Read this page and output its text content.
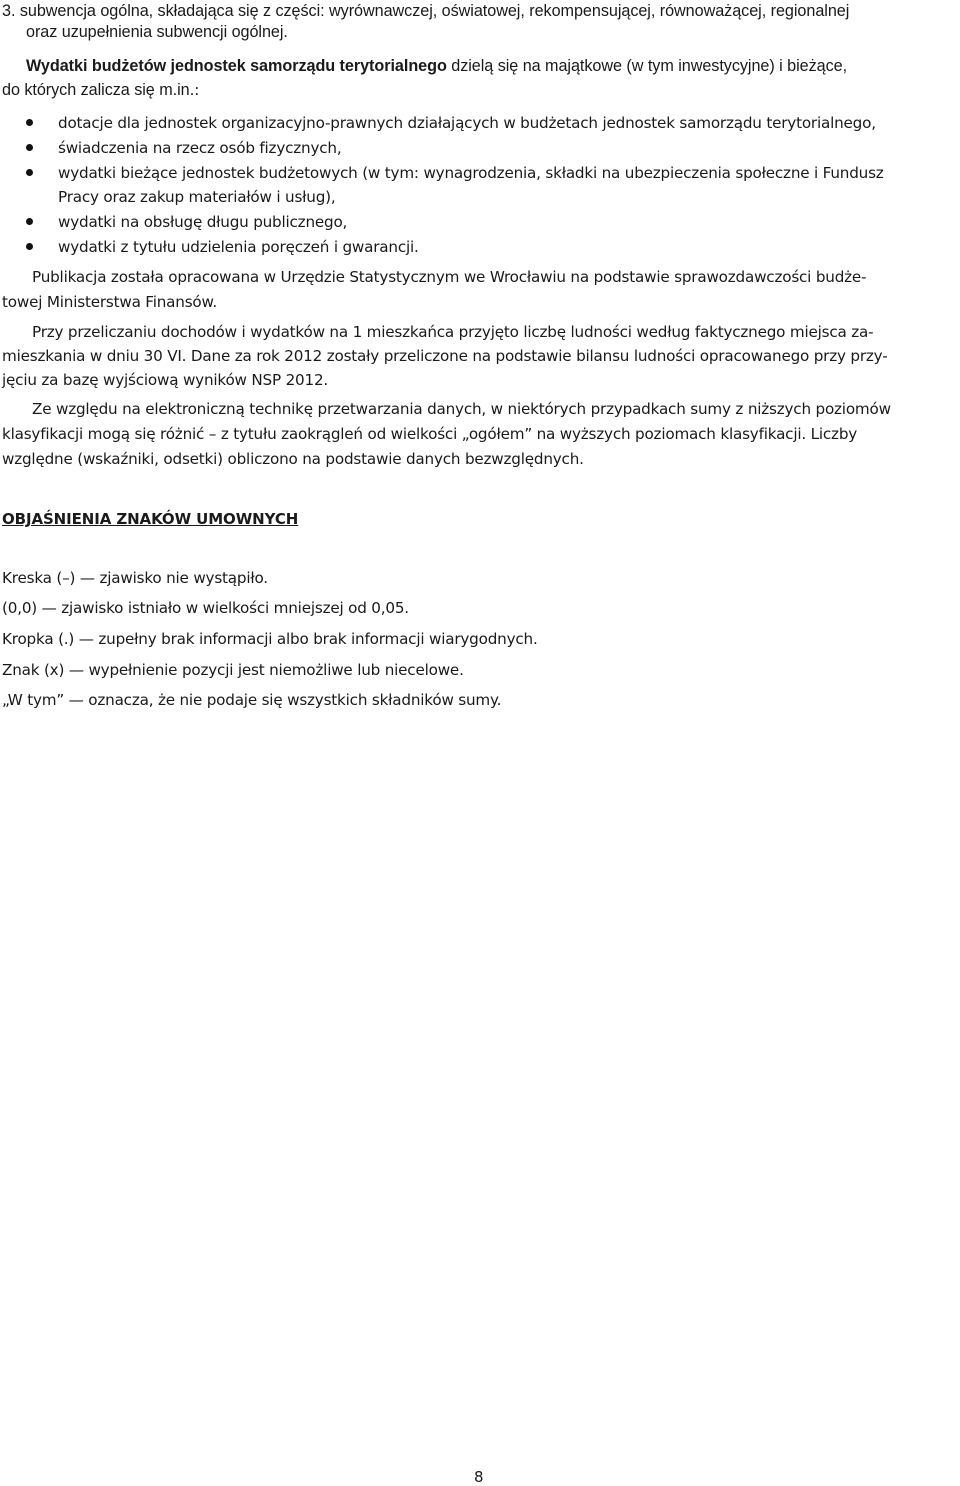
3. subwencja ogólna, składająca się z części: wyrównawczej, oświatowej, rekompensującej, równoważącej, regionalnej
oraz uzupełnienia subwencji ogólnej.
Wydatki budżetów jednostek samorządu terytorialnego dzielą się na majątkowe (w tym inwestycyjne) i bieżące,
do których zalicza się m.in.:
dotacje dla jednostek organizacyjno-prawnych działających w budżetach jednostek samorządu terytorialnego,
świadczenia na rzecz osób fizycznych,
wydatki bieżące jednostek budżetowych (w tym: wynagrodzenia, składki na ubezpieczenia społeczne i Fundusz
Pracy oraz zakup materiałów i usług),
wydatki na obsługę długu publicznego,
wydatki z tytułu udzielenia poręczeń i gwarancji.
Publikacja została opracowana w Urzędzie Statystycznym we Wrocławiu na podstawie sprawozdawczości budże-
towej Ministerstwa Finansów.
Przy przeliczaniu dochodów i wydatków na 1 mieszkańca przyjęto liczbę ludności według faktycznego miejsca za-
mieszkania w dniu 30 VI. Dane za rok 2012 zostały przeliczone na podstawie bilansu ludności opracowanego przy przy-
jęciu za bazę wyjściową wyników NSP 2012.
Ze względu na elektroniczną technikę przetwarzania danych, w niektórych przypadkach sumy z niższych poziomów
klasyfikacji mogą się różnić – z tytułu zaokrągleń od wielkości „ogółem” na wyższych poziomach klasyfikacji. Liczby
względne (wskaźniki, odsetki) obliczono na podstawie danych bezwzględnych.
OBJAŚNIENIA ZNAKÓW UMOWNYCH
Kreska (–) — zjawisko nie wystąpiło.
(0,0) — zjawisko istniało w wielkości mniejszej od 0,05.
Kropka (.) — zupełny brak informacji albo brak informacji wiarygodnych.
Znak (x) — wypełnienie pozycji jest niemożliwe lub niecelowe.
„W tym” — oznacza, że nie podaje się wszystkich składników sumy.
8
